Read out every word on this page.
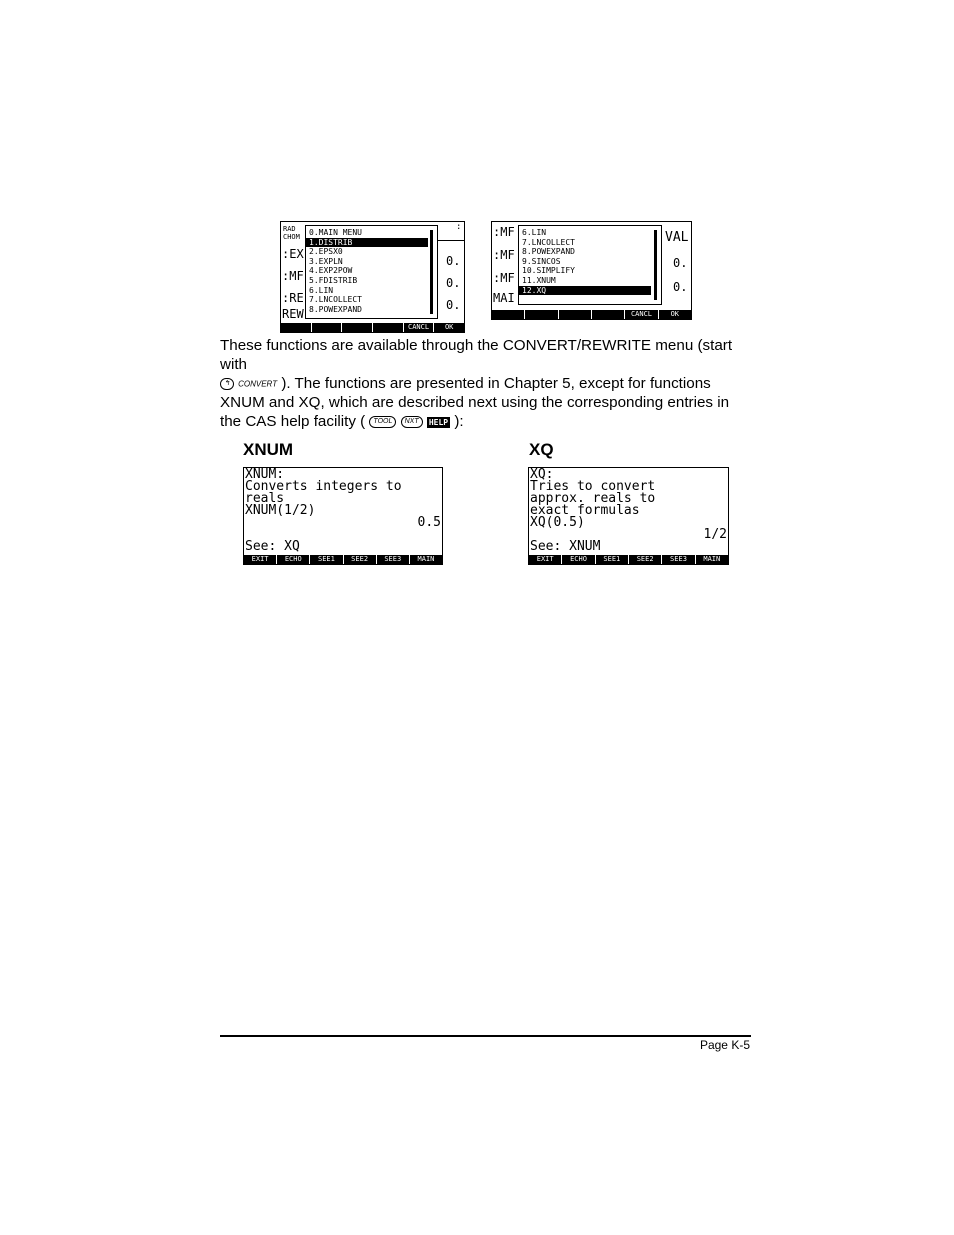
RAD
CHOM
:EX
:MF
:RE
REW
:
0.
0.
0.
0.MAIN MENU
1.DISTRIB
2.EPSX0
3.EXPLN
4.EXP2POW
5.FDISTRIB
6.LIN
7.LNCOLLECT
8.POWEXPAND
CANCL	OK
:MF
:MF
:MF
MAI
VAL
0.
0.
6.LIN
7.LNCOLLECT
8.POWEXPAND
9.SINCOS
10.SIMPLIFY
11.XNUM
12.XQ
CANCL	OK
These functions are available through the CONVERT/REWRITE menu (start with
↰ CONVERT ). The functions are presented in Chapter 5, except for functions
XNUM and XQ, which are described next using the corresponding entries in
the CAS help facility ( TOOL NXT HELP ):
XNUM
XNUM:
Converts integers to
reals
XNUM(1/2)
0.5
See: XQ
EXIT	ECHO	SEE1	SEE2	SEE3	MAIN
XQ
XQ:
Tries to convert
approx. reals to
exact formulas
XQ(0.5)
1/2
See: XNUM
EXIT	ECHO	SEE1	SEE2	SEE3	MAIN
Page K-5
